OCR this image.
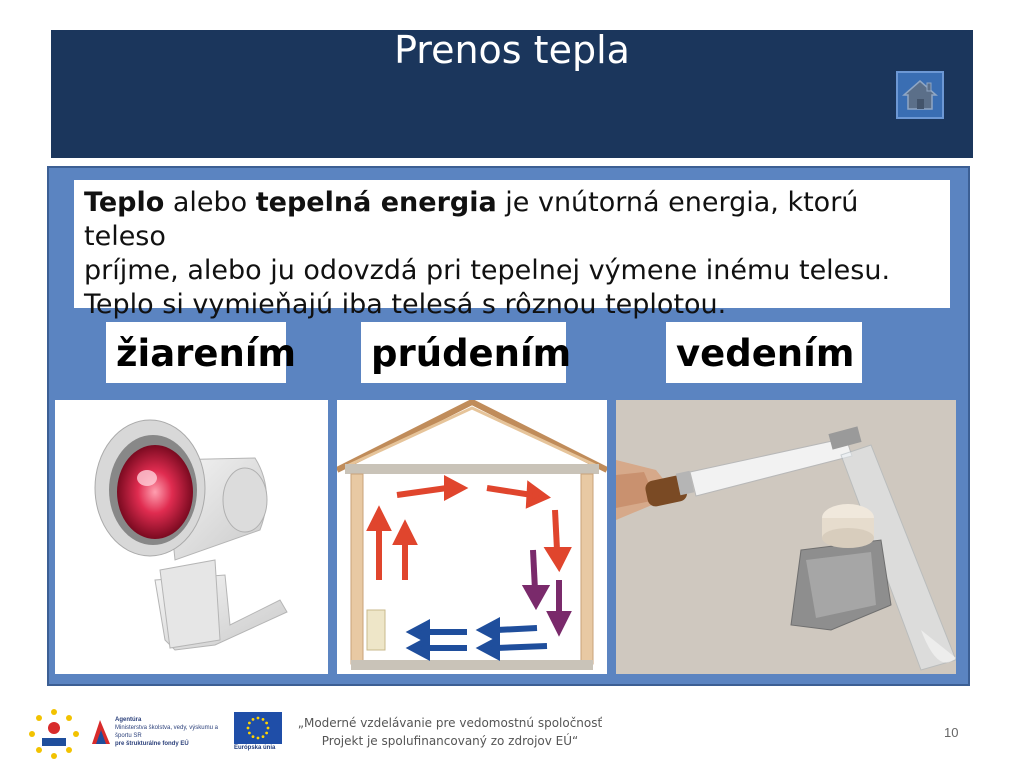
Prenos tepla
Teplo alebo tepelná energia je vnútorná energia, ktorú teleso
príjme, alebo ju odovzdá pri tepelnej výmene inému telesu.
Teplo si vymieňajú iba telesá s rôznou teplotou.
žiarením prúdením	vedením
Agentúra
Ministerstva školstva, vedy, výskumu a športu SR
pre štrukturálne fondy EÚ
Európska únia
„Moderné vzdelávanie pre vedomostnú spoločnosť
Projekt je spolufinancovaný zo zdrojov EÚ“
10
